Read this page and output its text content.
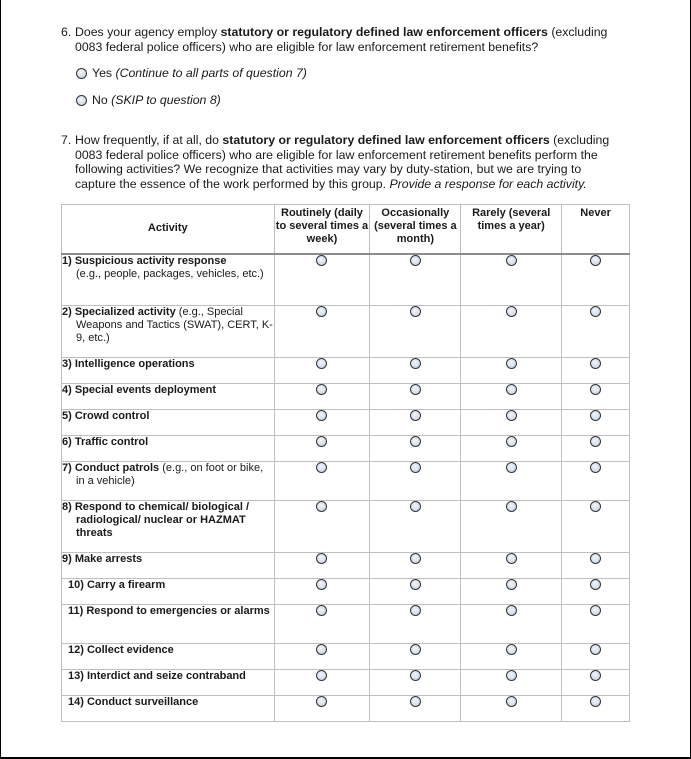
6. Does your agency employ statutory or regulatory defined law enforcement officers (excluding 0083 federal police officers) who are eligible for law enforcement retirement benefits?
Yes
(Continue to all parts of question 7)
No
(SKIP to question 8)
7. How frequently, if at all, do statutory or regulatory defined law enforcement officers (excluding 0083 federal police officers) who are eligible for law enforcement retirement benefits perform the following activities? We recognize that activities may vary by duty-station, but we are trying to capture the essence of the work performed by this group. Provide a response for each activity.
Activity	Routinely (daily to several times a week)	Occasionally (several times a month)	Rarely (several times a year)	Never

1) Suspicious activity response
(e.g., people, packages, vehicles, etc.)				

2) Specialized activity (e.g., Special Weapons and Tactics (SWAT), CERT, K-9, etc.)				

3) Intelligence operations				

4) Special events deployment				

5) Crowd control				

6) Traffic control				

7) Conduct patrols (e.g., on foot or bike, in a vehicle)				

8) Respond to chemical/ biological / radiological/ nuclear or HAZMAT threats				

9) Make arrests				

10) Carry a firearm				

11) Respond to emergencies or alarms				

12) Collect evidence				

13) Interdict and seize contraband				

14) Conduct surveillance				
